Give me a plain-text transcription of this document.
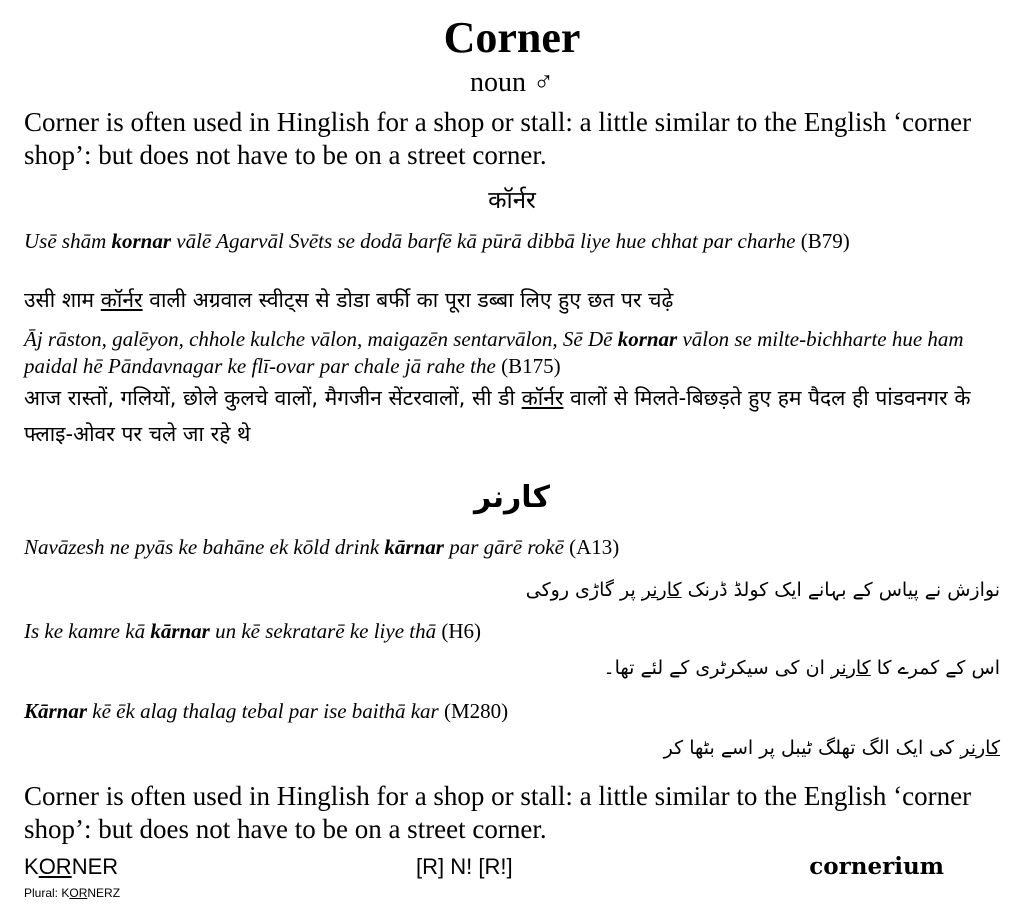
Corner
noun ♂
Corner is often used in Hinglish for a shop or stall: a little similar to the English ‘corner shop’: but does not have to be on a street corner.
कॉर्नर
Usē shām kornar vālē Agarvāl Svēts se dodā barfē kā pūrā dibbā liye hue chhat par charhe (B79)
उसी शाम कॉर्नर वाली अग्रवाल स्वीट्स से डोडा बर्फी का पूरा डब्बा लिए हुए छत पर चढ़े
Āj rāston, galēyon, chhole kulche vālon, maigazēn sentarvālon, Sē Dē kornar vālon se milte-bichharte hue ham paidal hē Pāndavnagar ke flī-ovar par chale jā rahe the (B175)
आज रास्तों, गलियों, छोले कुलचे वालों, मैगजीन सेंटरवालों, सी डी कॉर्नर वालों से मिलते-बिछड़ते हुए हम पैदल ही पांडवनगर के फ्लाइ-ओवर पर चले जा रहे थे
کارنر
Navāzesh ne pyās ke bahāne ek kōld drink kārnar par gārē rokē (A13)
نوازش نے پیاس کے بہانے ایک کولڈ ڈرنک کارنر پر گاڑی روکی
Is ke kamre kā kārnar un kē sekratarē ke liye thā (H6)
اس کے کمرے کا کارنر ان کی سیکرٹری کے لئے تھا۔
Kārnar kē ēk alag thalag tebal par ise baithā kar (M280)
کارنر کی ایک الگ تھلگ ٹیبل پر اسے بٹھا کر
Corner is often used in Hinglish for a shop or stall: a little similar to the English ‘corner shop’: but does not have to be on a street corner.
KORNER	[R] N! [R!]	cornerium
Plural: KORNERZ
